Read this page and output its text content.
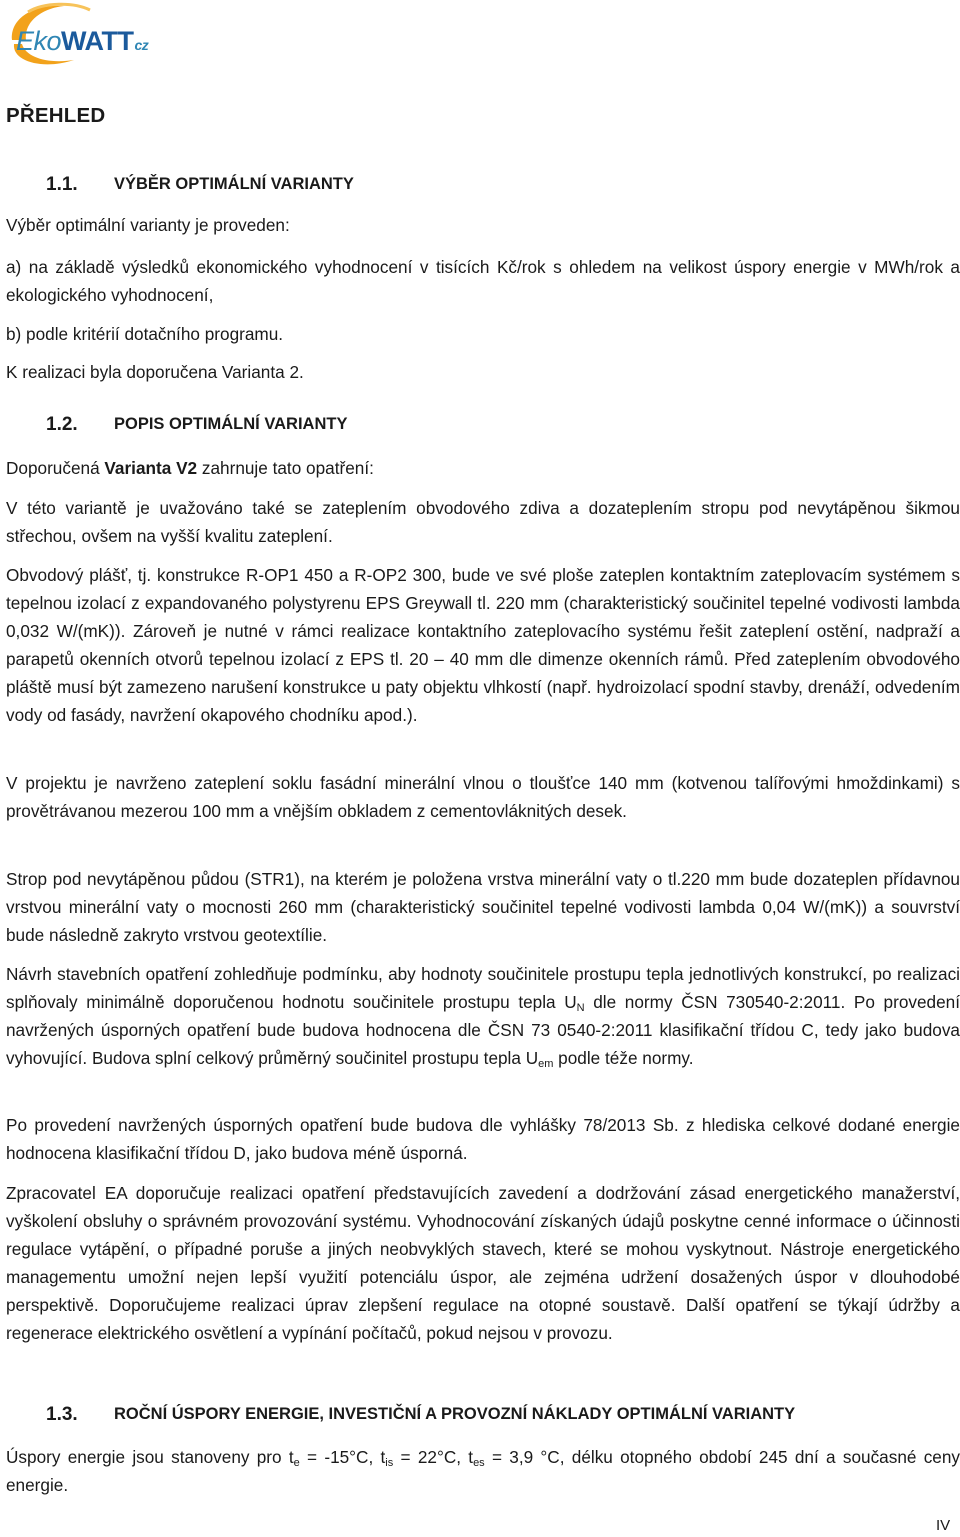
EkoWATTcz
PŘEHLED
1.1. VÝBĚR OPTIMÁLNÍ VARIANTY
Výběr optimální varianty je proveden:
a) na základě výsledků ekonomického vyhodnocení v tisících Kč/rok s ohledem na velikost úspory energie v MWh/rok a ekologického vyhodnocení,
b) podle kritérií dotačního programu.
K realizaci byla doporučena Varianta 2.
1.2. POPIS OPTIMÁLNÍ VARIANTY
Doporučená Varianta V2 zahrnuje tato opatření:
V této variantě je uvažováno také se zateplením obvodového zdiva a dozateplením stropu pod nevytápěnou šikmou střechou, ovšem na vyšší kvalitu zateplení.
Obvodový plášť, tj. konstrukce R-OP1 450 a R-OP2 300, bude ve své ploše zateplen kontaktním zateplovacím systémem s tepelnou izolací z expandovaného polystyrenu EPS Greywall tl. 220 mm (charakteristický součinitel tepelné vodivosti lambda 0,032 W/(mK)). Zároveň je nutné v rámci realizace kontaktního zateplovacího systému řešit zateplení ostění, nadpraží a parapetů okenních otvorů tepelnou izolací z EPS tl. 20 – 40 mm dle dimenze okenních rámů. Před zateplením obvodového pláště musí být zamezeno narušení konstrukce u paty objektu vlhkostí (např. hydroizolací spodní stavby, drenáží, odvedením vody od fasády, navržení okapového chodníku apod.).
V projektu je navrženo zateplení soklu fasádní minerální vlnou o tloušťce 140 mm (kotvenou talířovými hmoždinkami) s provětrávanou mezerou 100 mm a vnějším obkladem z cementovláknitých desek.
Strop pod nevytápěnou půdou (STR1), na kterém je položena vrstva minerální vaty o tl.220 mm bude dozateplen přídavnou vrstvou minerální vaty o mocnosti 260 mm (charakteristický součinitel tepelné vodivosti lambda 0,04 W/(mK)) a souvrství bude následně zakryto vrstvou geotextílie.
Návrh stavebních opatření zohledňuje podmínku, aby hodnoty součinitele prostupu tepla jednotlivých konstrukcí, po realizaci splňovaly minimálně doporučenou hodnotu součinitele prostupu tepla $U_N$ dle normy ČSN 730540-2:2011. Po provedení navržených úsporných opatření bude budova hodnocena dle ČSN 73 0540-2:2011 klasifikační třídou C, tedy jako budova vyhovující. Budova splní celkový průměrný součinitel prostupu tepla $U_{em}$ podle téže normy.
Po provedení navržených úsporných opatření bude budova dle vyhlášky 78/2013 Sb. z hlediska celkové dodané energie hodnocena klasifikační třídou D, jako budova méně úsporná.
Zpracovatel EA doporučuje realizaci opatření představujících zavedení a dodržování zásad energetického manažerství, vyškolení obsluhy o správném provozování systému. Vyhodnocování získaných údajů poskytne cenné informace o účinnosti regulace vytápění, o případné poruše a jiných neobvyklých stavech, které se mohou vyskytnout. Nástroje energetického managementu umožní nejen lepší využití potenciálu úspor, ale zejména udržení dosažených úspor v dlouhodobé perspektivě. Doporučujeme realizaci úprav zlepšení regulace na otopné soustavě. Další opatření se týkají údržby a regenerace elektrického osvětlení a vypínání počítačů, pokud nejsou v provozu.
1.3. ROČNÍ ÚSPORY ENERGIE, INVESTIČNÍ A PROVOZNÍ NÁKLADY OPTIMÁLNÍ VARIANTY
Úspory energie jsou stanoveny pro $t_e = -15^\circ C$, $t_{is} = 22^\circ C$, $t_{es} = 3,9$ °C, délku otopného období 245 dní a současné ceny energie.
IV
